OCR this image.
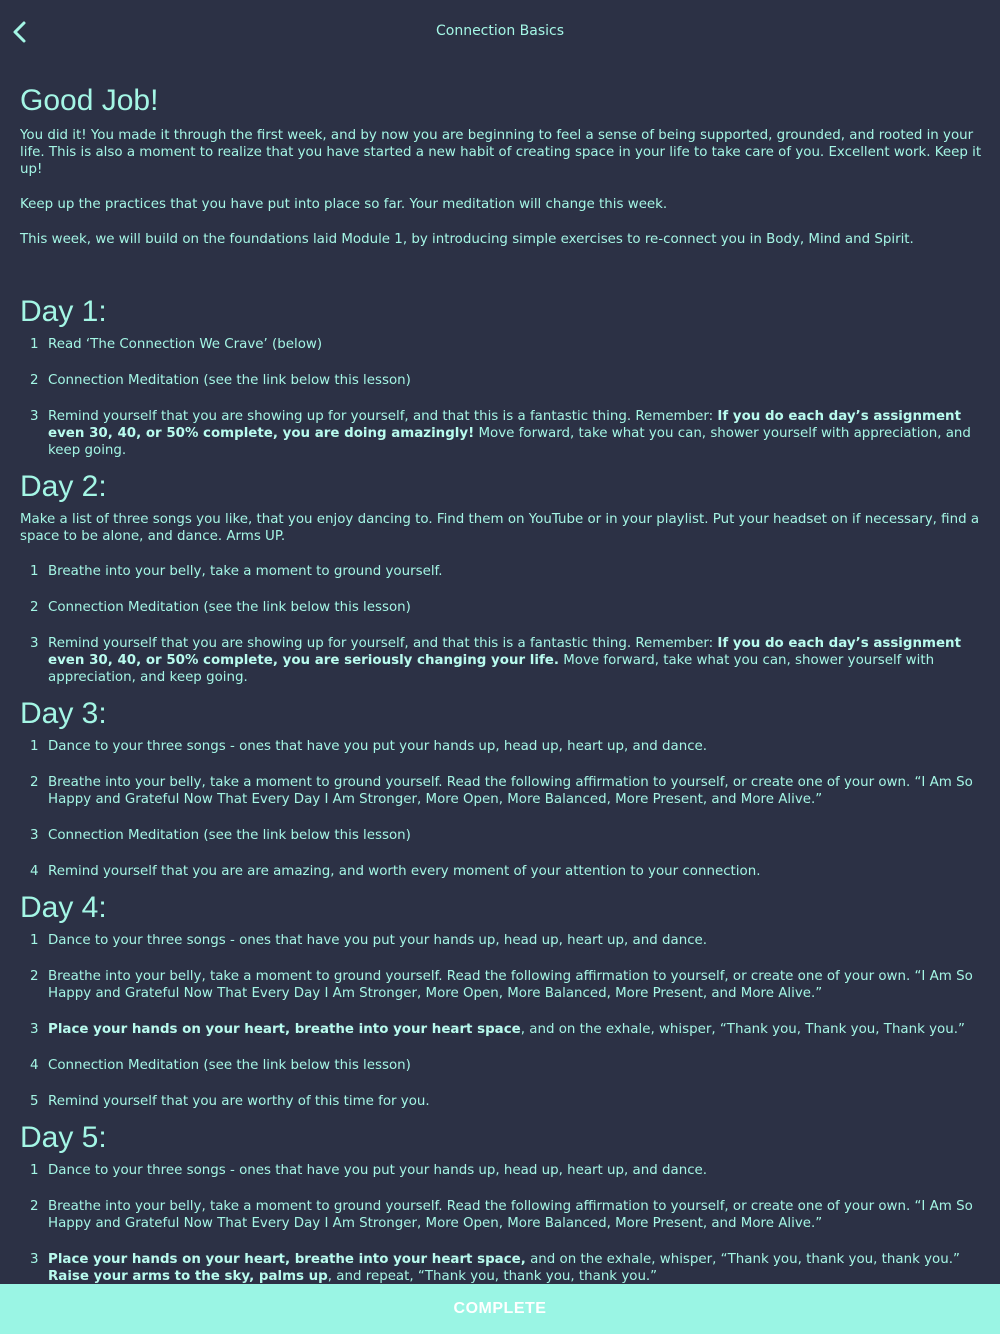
Connection Basics
Good Job!

You did it! You made it through the first week, and by now you are beginning to feel a sense of being supported, grounded, and rooted in your life. This is also a moment to realize that you have started a new habit of creating space in your life to take care of you. Excellent work. Keep it up!

Keep up the practices that you have put into place so far. Your meditation will change this week.

This week, we will build on the foundations laid Module 1, by introducing simple exercises to re-connect you in Body, Mind and Spirit.

Day 1:
1 Read ‘The Connection We Crave’ (below)
2 Connection Meditation (see the link below this lesson)
3 Remind yourself that you are showing up for yourself, and that this is a fantastic thing. Remember: If you do each day’s assignment even 30, 40, or 50% complete, you are doing amazingly! Move forward, take what you can, shower yourself with appreciation, and keep going.
Day 2:

Make a list of three songs you like, that you enjoy dancing to. Find them on YouTube or in your playlist. Put your headset on if necessary, find a space to be alone, and dance. Arms UP.

1 Breathe into your belly, take a moment to ground yourself.
2 Connection Meditation (see the link below this lesson)
3 Remind yourself that you are showing up for yourself, and that this is a fantastic thing. Remember: If you do each day’s assignment even 30, 40, or 50% complete, you are seriously changing your life. Move forward, take what you can, shower yourself with appreciation, and keep going.
Day 3:
1 Dance to your three songs - ones that have you put your hands up, head up, heart up, and dance.
2 Breathe into your belly, take a moment to ground yourself. Read the following affirmation to yourself, or create one of your own. “I Am So Happy and Grateful Now That Every Day I Am Stronger, More Open, More Balanced, More Present, and More Alive.”
3 Connection Meditation (see the link below this lesson)
4 Remind yourself that you are are amazing, and worth every moment of your attention to your connection.
Day 4:
1 Dance to your three songs - ones that have you put your hands up, head up, heart up, and dance.
2 Breathe into your belly, take a moment to ground yourself. Read the following affirmation to yourself, or create one of your own. “I Am So Happy and Grateful Now That Every Day I Am Stronger, More Open, More Balanced, More Present, and More Alive.”
3 Place your hands on your heart, breathe into your heart space, and on the exhale, whisper, “Thank you, Thank you, Thank you.”
4 Connection Meditation (see the link below this lesson)
5 Remind yourself that you are worthy of this time for you.
Day 5:
1 Dance to your three songs - ones that have you put your hands up, head up, heart up, and dance.
2 Breathe into your belly, take a moment to ground yourself. Read the following affirmation to yourself, or create one of your own. “I Am So Happy and Grateful Now That Every Day I Am Stronger, More Open, More Balanced, More Present, and More Alive.”
3 Place your hands on your heart, breathe into your heart space, and on the exhale, whisper, “Thank you, thank you, thank you.” Raise your arms to the sky, palms up, and repeat, “Thank you, thank you, thank you.”
COMPLETE
